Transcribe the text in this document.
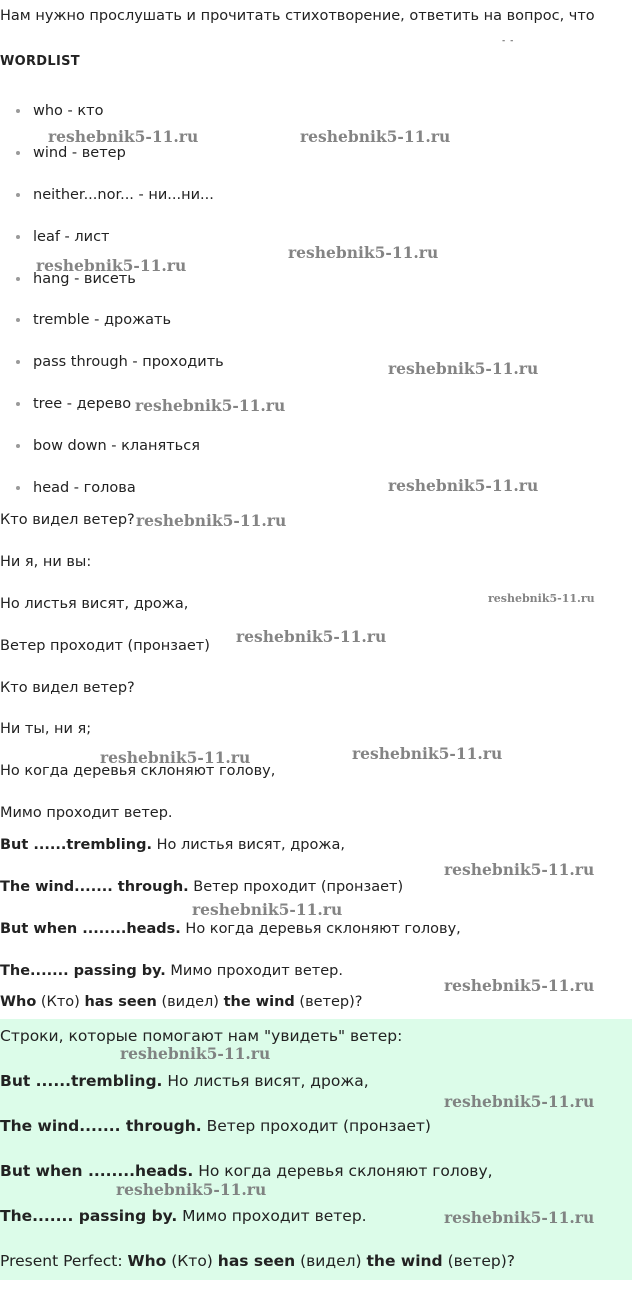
Нам нужно прослушать и прочитать стихотворение, ответить на вопрос, что
‐ ‐
WORDLIST
who - кто
wind - ветер
neither...nor... - ни...ни...
leaf - лист
hang - висеть
tremble - дрожать
pass through - проходить
tree - дерево
bow down - кланяться
head - голова
Кто видел ветер?
Ни я, ни вы:
Но листья висят, дрожа,
Ветер проходит (пронзает)
Кто видел ветер?
Ни ты, ни я;
Но когда деревья склоняют голову,
Мимо проходит ветер.
But ......trembling. Но листья висят, дрожа,
The wind....... through. Ветер проходит (пронзает)
But when ........heads. Но когда деревья склоняют голову,
The....... passing by. Мимо проходит ветер.
Who (Кто) has seen (видел) the wind (ветер)?
Строки, которые помогают нам "увидеть" ветер:
But ......trembling. Но листья висят, дрожа,
The wind....... through. Ветер проходит (пронзает)
But when ........heads. Но когда деревья склоняют голову,
The....... passing by. Мимо проходит ветер.
Present Perfect: Who (Кто) has seen (видел) the wind (ветер)?
reshebnik5-11.ru	reshebnik5-11.ru
reshebnik5-11.ru
reshebnik5-11.ru
reshebnik5-11.ru
reshebnik5-11.ru
reshebnik5-11.ru
reshebnik5-11.ru
reshebnik5-11.ru
reshebnik5-11.ru
reshebnik5-11.ru	reshebnik5-11.ru
reshebnik5-11.ru
reshebnik5-11.ru
reshebnik5-11.ru
reshebnik5-11.ru
reshebnik5-11.ru
reshebnik5-11.ru
reshebnik5-11.ru
